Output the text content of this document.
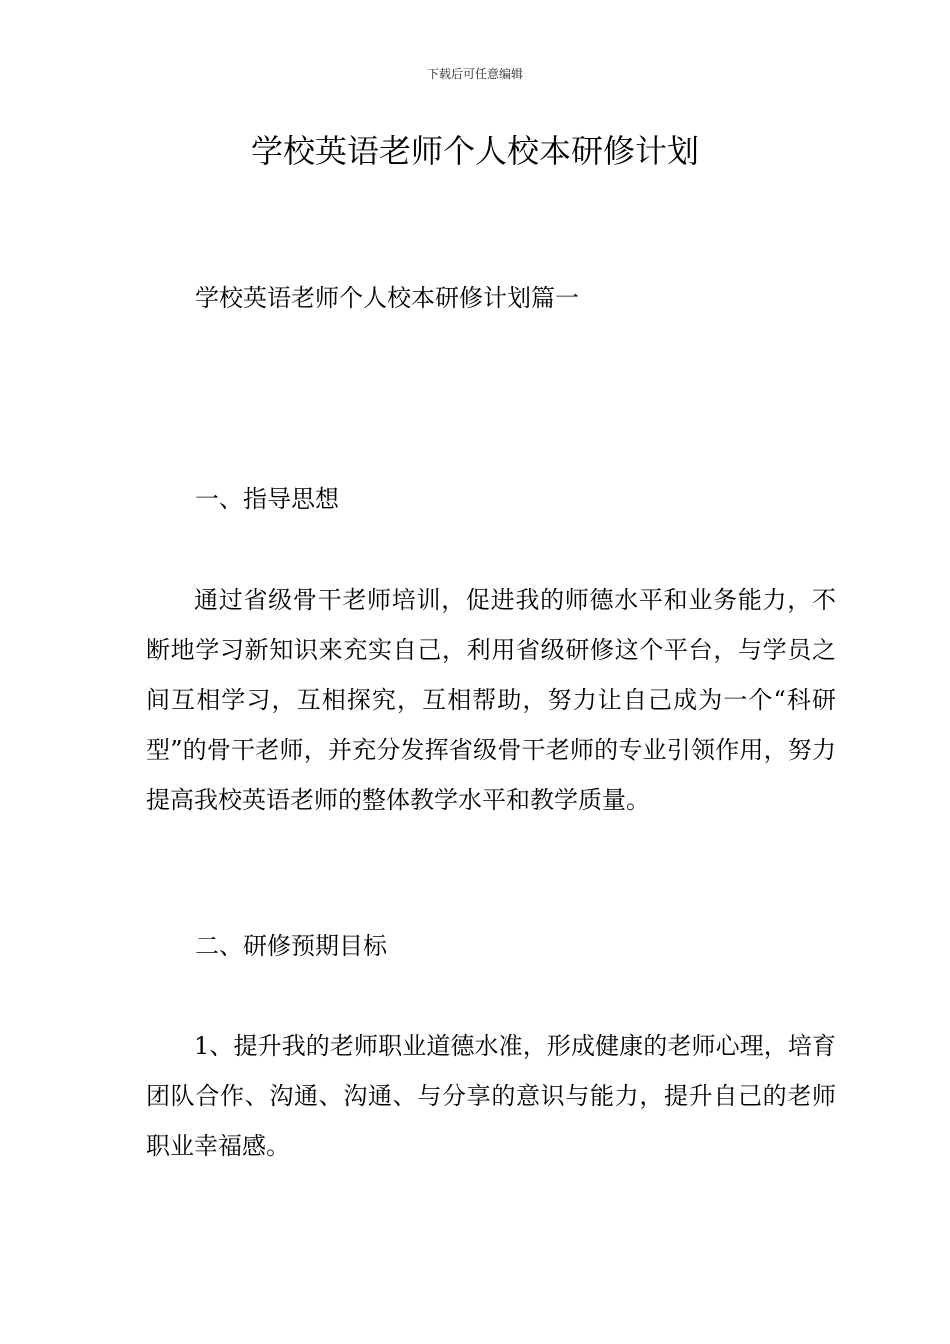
下载后可任意编辑
学校英语老师个人校本研修计划

学校英语老师个人校本研修计划篇一

一、指导思想

通过省级骨干老师培训，促进我的师德水平和业务能力，不断地学习新知识来充实自己，利用省级研修这个平台，与学员之间互相学习，互相探究，互相帮助，努力让自己成为一个“科研型”的骨干老师，并充分发挥省级骨干老师的专业引领作用，努力提高我校英语老师的整体教学水平和教学质量。

二、研修预期目标

1、提升我的老师职业道德水准，形成健康的老师心理，培育团队合作、沟通、沟通、与分享的意识与能力，提升自己的老师职业幸福感。
